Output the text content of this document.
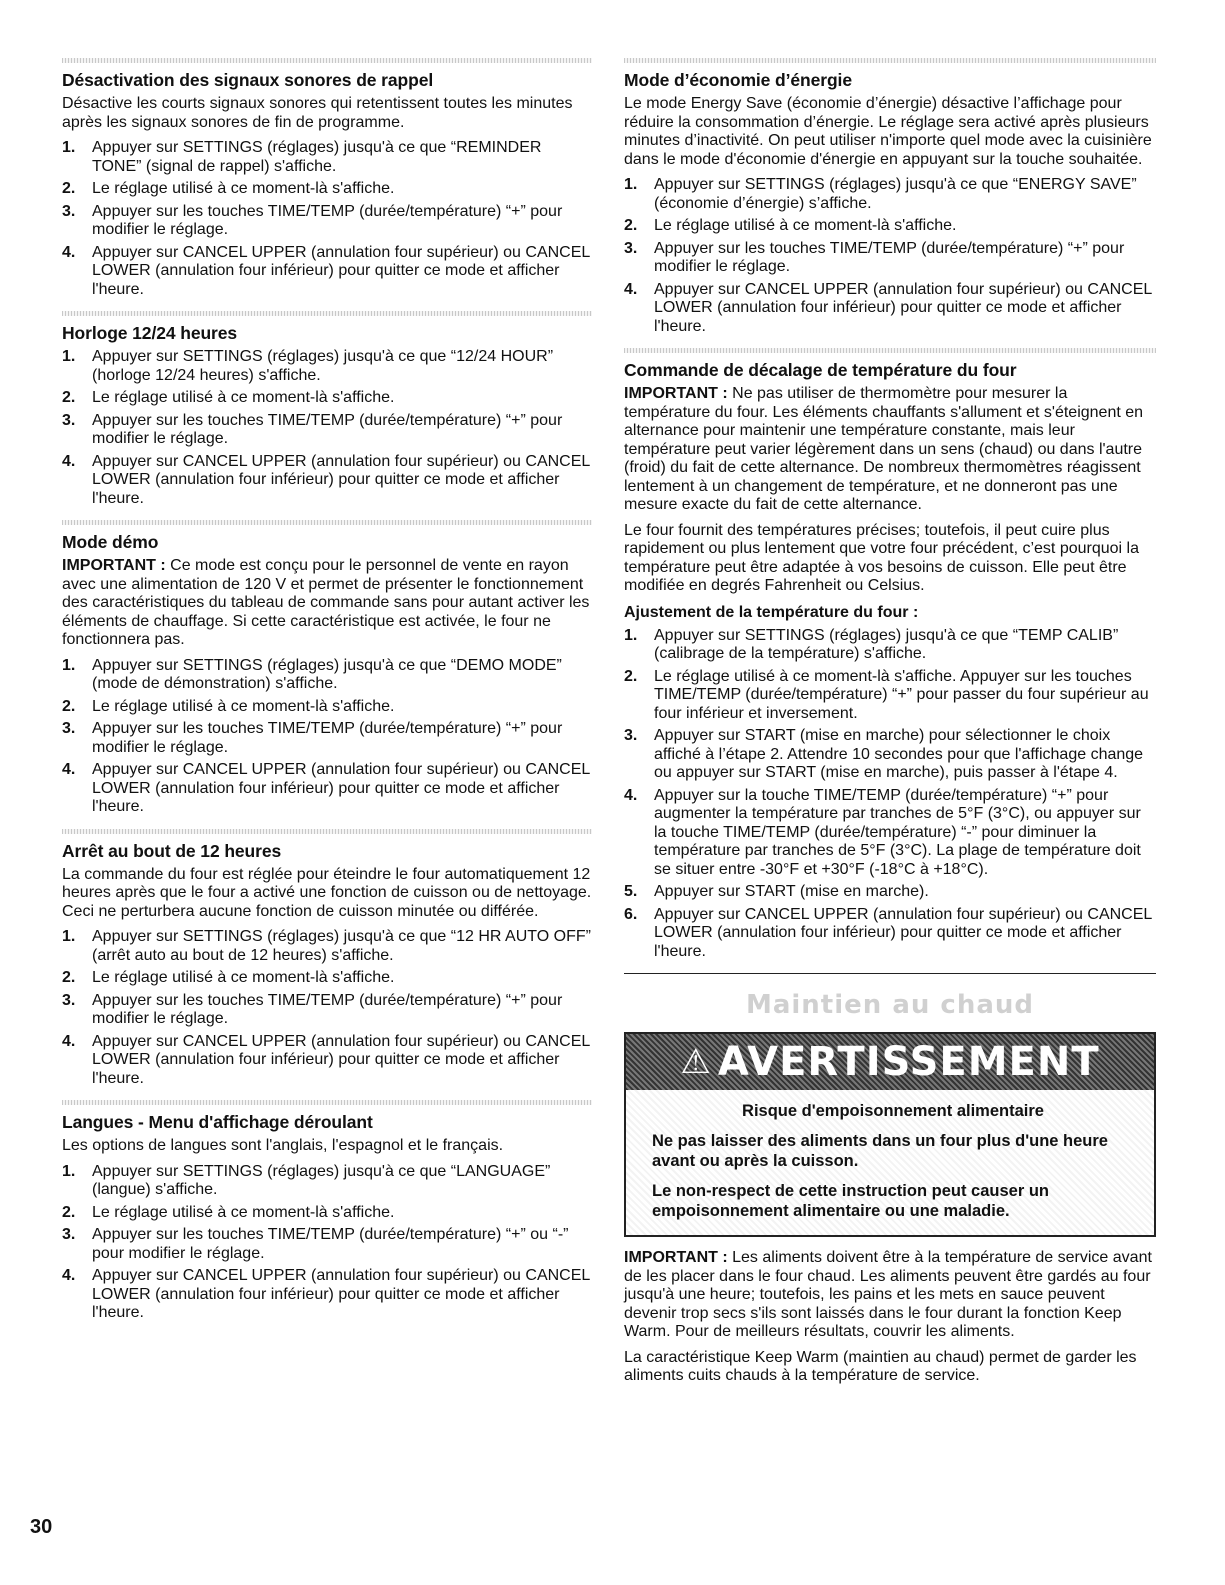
Désactivation des signaux sonores de rappel

Désactive les courts signaux sonores qui retentissent toutes les minutes après les signaux sonores de fin de programme.

1. Appuyer sur SETTINGS (réglages) jusqu'à ce que “REMINDER TONE” (signal de rappel) s'affiche.
2. Le réglage utilisé à ce moment-là s'affiche.
3. Appuyer sur les touches TIME/TEMP (durée/température) “+” pour modifier le réglage.
4. Appuyer sur CANCEL UPPER (annulation four supérieur) ou CANCEL LOWER (annulation four inférieur) pour quitter ce mode et afficher l'heure.
Horloge 12/24 heures
1. Appuyer sur SETTINGS (réglages) jusqu'à ce que “12/24 HOUR” (horloge 12/24 heures) s'affiche.
2. Le réglage utilisé à ce moment-là s'affiche.
3. Appuyer sur les touches TIME/TEMP (durée/température) “+” pour modifier le réglage.
4. Appuyer sur CANCEL UPPER (annulation four supérieur) ou CANCEL LOWER (annulation four inférieur) pour quitter ce mode et afficher l'heure.
Mode démo

IMPORTANT : Ce mode est conçu pour le personnel de vente en rayon avec une alimentation de 120 V et permet de présenter le fonctionnement des caractéristiques du tableau de commande sans pour autant activer les éléments de chauffage. Si cette caractéristique est activée, le four ne fonctionnera pas.

1. Appuyer sur SETTINGS (réglages) jusqu'à ce que “DEMO MODE” (mode de démonstration) s'affiche.
2. Le réglage utilisé à ce moment-là s'affiche.
3. Appuyer sur les touches TIME/TEMP (durée/température) “+” pour modifier le réglage.
4. Appuyer sur CANCEL UPPER (annulation four supérieur) ou CANCEL LOWER (annulation four inférieur) pour quitter ce mode et afficher l'heure.
Arrêt au bout de 12 heures

La commande du four est réglée pour éteindre le four automatiquement 12 heures après que le four a activé une fonction de cuisson ou de nettoyage. Ceci ne perturbera aucune fonction de cuisson minutée ou différée.

1. Appuyer sur SETTINGS (réglages) jusqu'à ce que “12 HR AUTO OFF” (arrêt auto au bout de 12 heures) s'affiche.
2. Le réglage utilisé à ce moment-là s'affiche.
3. Appuyer sur les touches TIME/TEMP (durée/température) “+” pour modifier le réglage.
4. Appuyer sur CANCEL UPPER (annulation four supérieur) ou CANCEL LOWER (annulation four inférieur) pour quitter ce mode et afficher l'heure.
Langues - Menu d'affichage déroulant

Les options de langues sont l'anglais, l'espagnol et le français.

1. Appuyer sur SETTINGS (réglages) jusqu'à ce que “LANGUAGE” (langue) s'affiche.
2. Le réglage utilisé à ce moment-là s'affiche.
3. Appuyer sur les touches TIME/TEMP (durée/température) “+” ou “-” pour modifier le réglage.
4. Appuyer sur CANCEL UPPER (annulation four supérieur) ou CANCEL LOWER (annulation four inférieur) pour quitter ce mode et afficher l'heure.
Mode d’économie d’énergie

Le mode Energy Save (économie d’énergie) désactive l’affichage pour réduire la consommation d’énergie. Le réglage sera activé après plusieurs minutes d’inactivité. On peut utiliser n'importe quel mode avec la cuisinière dans le mode d'économie d'énergie en appuyant sur la touche souhaitée.

1. Appuyer sur SETTINGS (réglages) jusqu'à ce que “ENERGY SAVE” (économie d’énergie) s’affiche.
2. Le réglage utilisé à ce moment-là s'affiche.
3. Appuyer sur les touches TIME/TEMP (durée/température) “+” pour modifier le réglage.
4. Appuyer sur CANCEL UPPER (annulation four supérieur) ou CANCEL LOWER (annulation four inférieur) pour quitter ce mode et afficher l'heure.
Commande de décalage de température du four

IMPORTANT : Ne pas utiliser de thermomètre pour mesurer la température du four. Les éléments chauffants s'allument et s'éteignent en alternance pour maintenir une température constante, mais leur température peut varier légèrement dans un sens (chaud) ou dans l'autre (froid) du fait de cette alternance. De nombreux thermomètres réagissent lentement à un changement de température, et ne donneront pas une mesure exacte du fait de cette alternance.

Le four fournit des températures précises; toutefois, il peut cuire plus rapidement ou plus lentement que votre four précédent, c’est pourquoi la température peut être adaptée à vos besoins de cuisson. Elle peut être modifiée en degrés Fahrenheit ou Celsius.

Ajustement de la température du four :
1. Appuyer sur SETTINGS (réglages) jusqu'à ce que “TEMP CALIB” (calibrage de la température) s'affiche.
2. Le réglage utilisé à ce moment-là s'affiche. Appuyer sur les touches TIME/TEMP (durée/température) “+” pour passer du four supérieur au four inférieur et inversement.
3. Appuyer sur START (mise en marche) pour sélectionner le choix affiché à l’étape 2. Attendre 10 secondes pour que l'affichage change ou appuyer sur START (mise en marche), puis passer à l'étape 4.
4. Appuyer sur la touche TIME/TEMP (durée/température) “+” pour augmenter la température par tranches de 5°F (3°C), ou appuyer sur la touche TIME/TEMP (durée/température) “-” pour diminuer la température par tranches de 5°F (3°C). La plage de température doit se situer entre -30°F et +30°F (-18°C à +18°C).
5. Appuyer sur START (mise en marche).
6. Appuyer sur CANCEL UPPER (annulation four supérieur) ou CANCEL LOWER (annulation four inférieur) pour quitter ce mode et afficher l'heure.
Maintien au chaud
⚠ AVERTISSEMENT
Risque d'empoisonnement alimentaire
Ne pas laisser des aliments dans un four plus d'une heure avant ou après la cuisson.
Le non-respect de cette instruction peut causer un empoisonnement alimentaire ou une maladie.

IMPORTANT : Les aliments doivent être à la température de service avant de les placer dans le four chaud. Les aliments peuvent être gardés au four jusqu'à une heure; toutefois, les pains et les mets en sauce peuvent devenir trop secs s'ils sont laissés dans le four durant la fonction Keep Warm. Pour de meilleurs résultats, couvrir les aliments.

La caractéristique Keep Warm (maintien au chaud) permet de garder les aliments cuits chauds à la température de service.

30
